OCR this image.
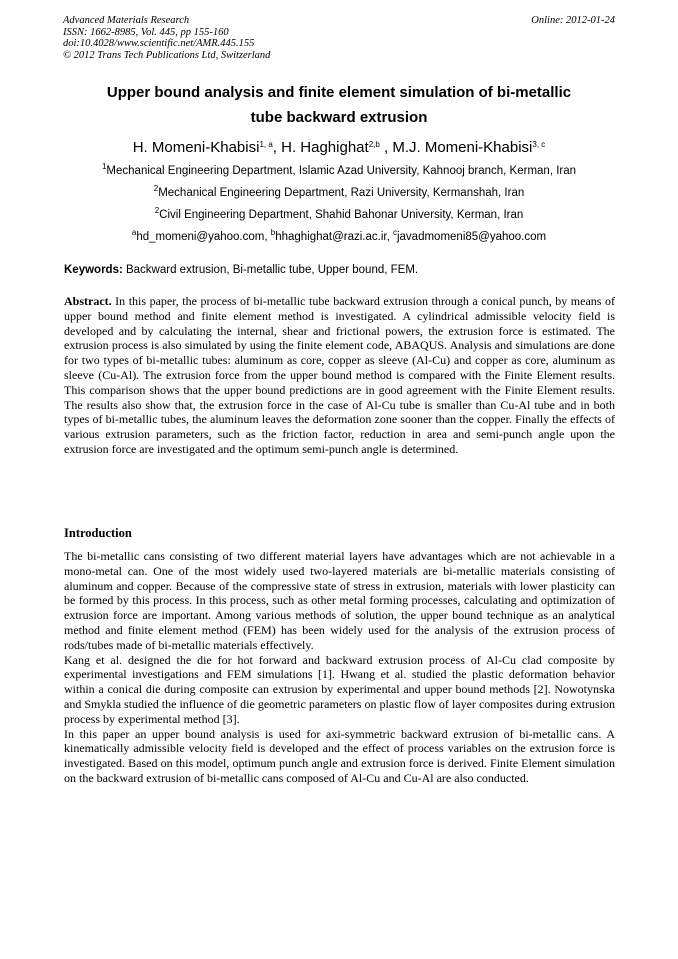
Advanced Materials Research
ISSN: 1662-8985, Vol. 445, pp 155-160
doi:10.4028/www.scientific.net/AMR.445.155
© 2012 Trans Tech Publications Ltd, Switzerland
Online: 2012-01-24
Upper bound analysis and finite element simulation of bi-metallic
tube backward extrusion
H. Momeni-Khabisi$^{1, a}$, H. Haghighat$^{2,b}$ , M.J. Momeni-Khabisi$^{3, c}$
$^1$Mechanical Engineering Department, Islamic Azad University, Kahnooj branch, Kerman, Iran
$^2$Mechanical Engineering Department, Razi University, Kermanshah, Iran
$^2$Civil Engineering Department, Shahid Bahonar University, Kerman, Iran
$^a$hd_momeni@yahoo.com, $^b$hhaghighat@razi.ac.ir, $^c$javadmomeni85@yahoo.com
Keywords: Backward extrusion, Bi-metallic tube, Upper bound, FEM.
Abstract. In this paper, the process of bi-metallic tube backward extrusion through a conical punch, by means of upper bound method and finite element method is investigated. A cylindrical admissible velocity field is developed and by calculating the internal, shear and frictional powers, the extrusion force is estimated. The extrusion process is also simulated by using the finite element code, ABAQUS. Analysis and simulations are done for two types of bi-metallic tubes: aluminum as core, copper as sleeve (Al-Cu) and copper as core, aluminum as sleeve (Cu-Al). The extrusion force from the upper bound method is compared with the Finite Element results. This comparison shows that the upper bound predictions are in good agreement with the Finite Element results. The results also show that, the extrusion force in the case of Al-Cu tube is smaller than Cu-Al tube and in both types of bi-metallic tubes, the aluminum leaves the deformation zone sooner than the copper. Finally the effects of various extrusion parameters, such as the friction factor, reduction in area and semi-punch angle upon the extrusion force are investigated and the optimum semi-punch angle is determined.
Introduction

The bi-metallic cans consisting of two different material layers have advantages which are not achievable in a mono-metal can. One of the most widely used two-layered materials are bi-metallic materials consisting of aluminum and copper. Because of the compressive state of stress in extrusion, materials with lower plasticity can be formed by this process. In this process, such as other metal forming processes, calculating and optimization of extrusion force are important. Among various methods of solution, the upper bound technique as an analytical method and finite element method (FEM) has been widely used for the analysis of the extrusion process of rods/tubes made of bi-metallic materials effectively.

Kang et al. designed the die for hot forward and backward extrusion process of Al-Cu clad composite by experimental investigations and FEM simulations [1]. Hwang et al. studied the plastic deformation behavior within a conical die during composite can extrusion by experimental and upper bound methods [2]. Nowotynska and Smykla studied the influence of die geometric parameters on plastic flow of layer composites during extrusion process by experimental method [3].

In this paper an upper bound analysis is used for axi-symmetric backward extrusion of bi-metallic cans. A kinematically admissible velocity field is developed and the effect of process variables on the extrusion force is investigated. Based on this model, optimum punch angle and extrusion force is derived. Finite Element simulation on the backward extrusion of bi-metallic cans composed of Al-Cu and Cu-Al are also conducted.
